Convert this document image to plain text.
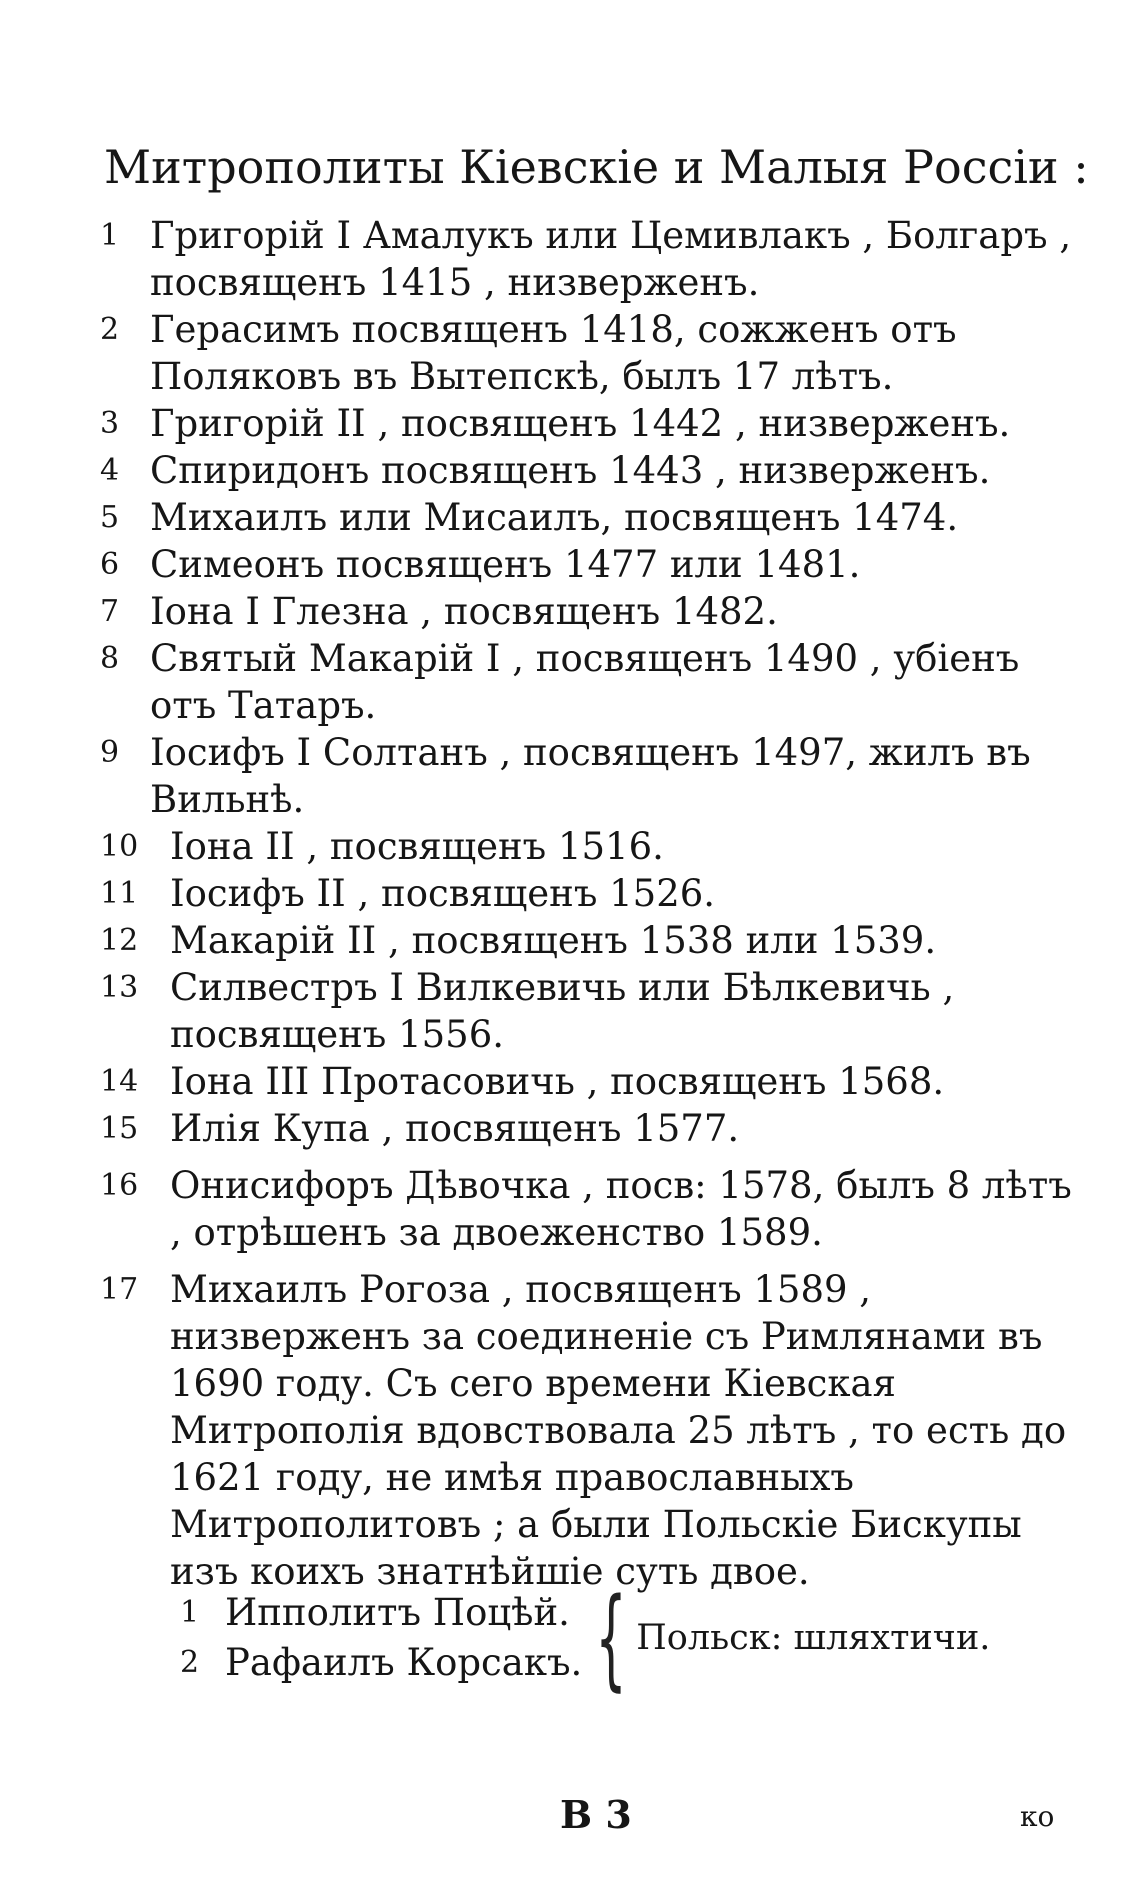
Митрополиты Кіевскіе и Малыя Россіи :
1 Григорій I Амалукъ или Цемивлакъ , Болгаръ , посвященъ 1415 , низверженъ.
2 Герасимъ посвященъ 1418, сожженъ отъ Поляковъ въ Вытепскѣ, былъ 17 лѣтъ.
3 Григорій II , посвященъ 1442 , низверженъ.
4 Спиридонъ посвященъ 1443 , низверженъ.
5 Михаилъ или Мисаилъ, посвященъ 1474.
6 Симеонъ посвященъ 1477 или 1481.
7 Іона I Глезна , посвященъ 1482.
8 Святый Макарій I , посвященъ 1490 , убіенъ отъ Татаръ.
9 Іосифъ I Солтанъ , посвященъ 1497, жилъ въ Вильнѣ.
10 Іона II , посвященъ 1516.
11 Іосифъ II , посвященъ 1526.
12 Макарій II , посвященъ 1538 или 1539.
13 Силвестръ I Вилкевичь или Бѣлкевичь , посвященъ 1556.
14 Іона III Протасовичь , посвященъ 1568.
15 Илія Купа , посвященъ 1577.
16 Онисифоръ Дѣвочка , посв: 1578, былъ 8 лѣтъ , отрѣшенъ за двоеженство 1589.
17 Михаилъ Рогоза , посвященъ 1589 , низверженъ за соединеніе съ Римлянами въ 1690 году. Съ сего времени Кіевская Митрополія вдовствовала 25 лѣтъ , то есть до 1621 году, не имѣя православныхъ Митрополитовъ ; а были Польскіе Бискупы изъ коихъ знатнѣйшіе суть двое.
1 Ипполитъ Поцѣй.
2 Рафаилъ Корсакъ. { Польск: шляхтичи.
В 3	ко
